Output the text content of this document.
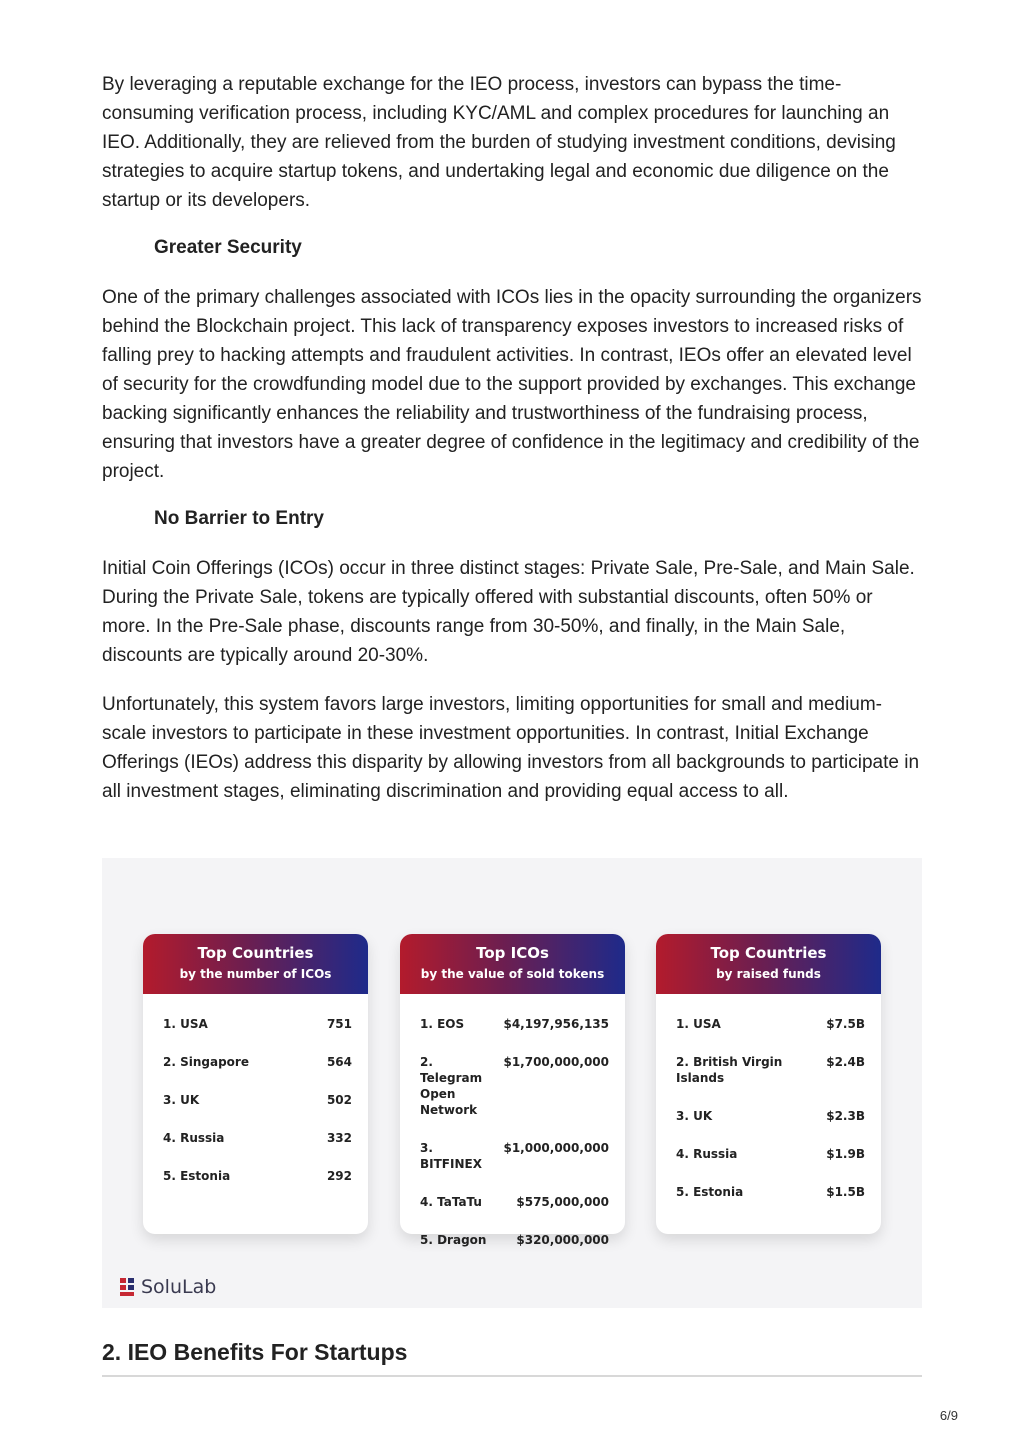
By leveraging a reputable exchange for the IEO process, investors can bypass the time-consuming verification process, including KYC/AML and complex procedures for launching an IEO. Additionally, they are relieved from the burden of studying investment conditions, devising strategies to acquire startup tokens, and undertaking legal and economic due diligence on the startup or its developers.

Greater Security

One of the primary challenges associated with ICOs lies in the opacity surrounding the organizers behind the Blockchain project. This lack of transparency exposes investors to increased risks of falling prey to hacking attempts and fraudulent activities. In contrast, IEOs offer an elevated level of security for the crowdfunding model due to the support provided by exchanges. This exchange backing significantly enhances the reliability and trustworthiness of the fundraising process, ensuring that investors have a greater degree of confidence in the legitimacy and credibility of the project.

No Barrier to Entry

Initial Coin Offerings (ICOs) occur in three distinct stages: Private Sale, Pre-Sale, and Main Sale. During the Private Sale, tokens are typically offered with substantial discounts, often 50% or more. In the Pre-Sale phase, discounts range from 30-50%, and finally, in the Main Sale, discounts are typically around 20-30%.

Unfortunately, this system favors large investors, limiting opportunities for small and medium-scale investors to participate in these investment opportunities. In contrast, Initial Exchange Offerings (IEOs) address this disparity by allowing investors from all backgrounds to participate in all investment stages, eliminating discrimination and providing equal access to all.

Top Countries
by the number of ICOs
1. USA	751
2. Singapore	564
3. UK	502
4. Russia	332
5. Estonia	292
Top ICOs
by the value of sold tokens
1. EOS	$4,197,956,135
2. Telegram Open Network
$1,700,000,000
3. BITFINEX
$1,000,000,000
4. TaTaTu	$575,000,000
5. Dragon	$320,000,000
Top Countries
by raised funds
1. USA	$7.5B
2. British Virgin Islands
$2.4B
3. UK	$2.3B
4. Russia	$1.9B
5. Estonia	$1.5B
SoluLab
2. IEO Benefits For Startups
6/9
